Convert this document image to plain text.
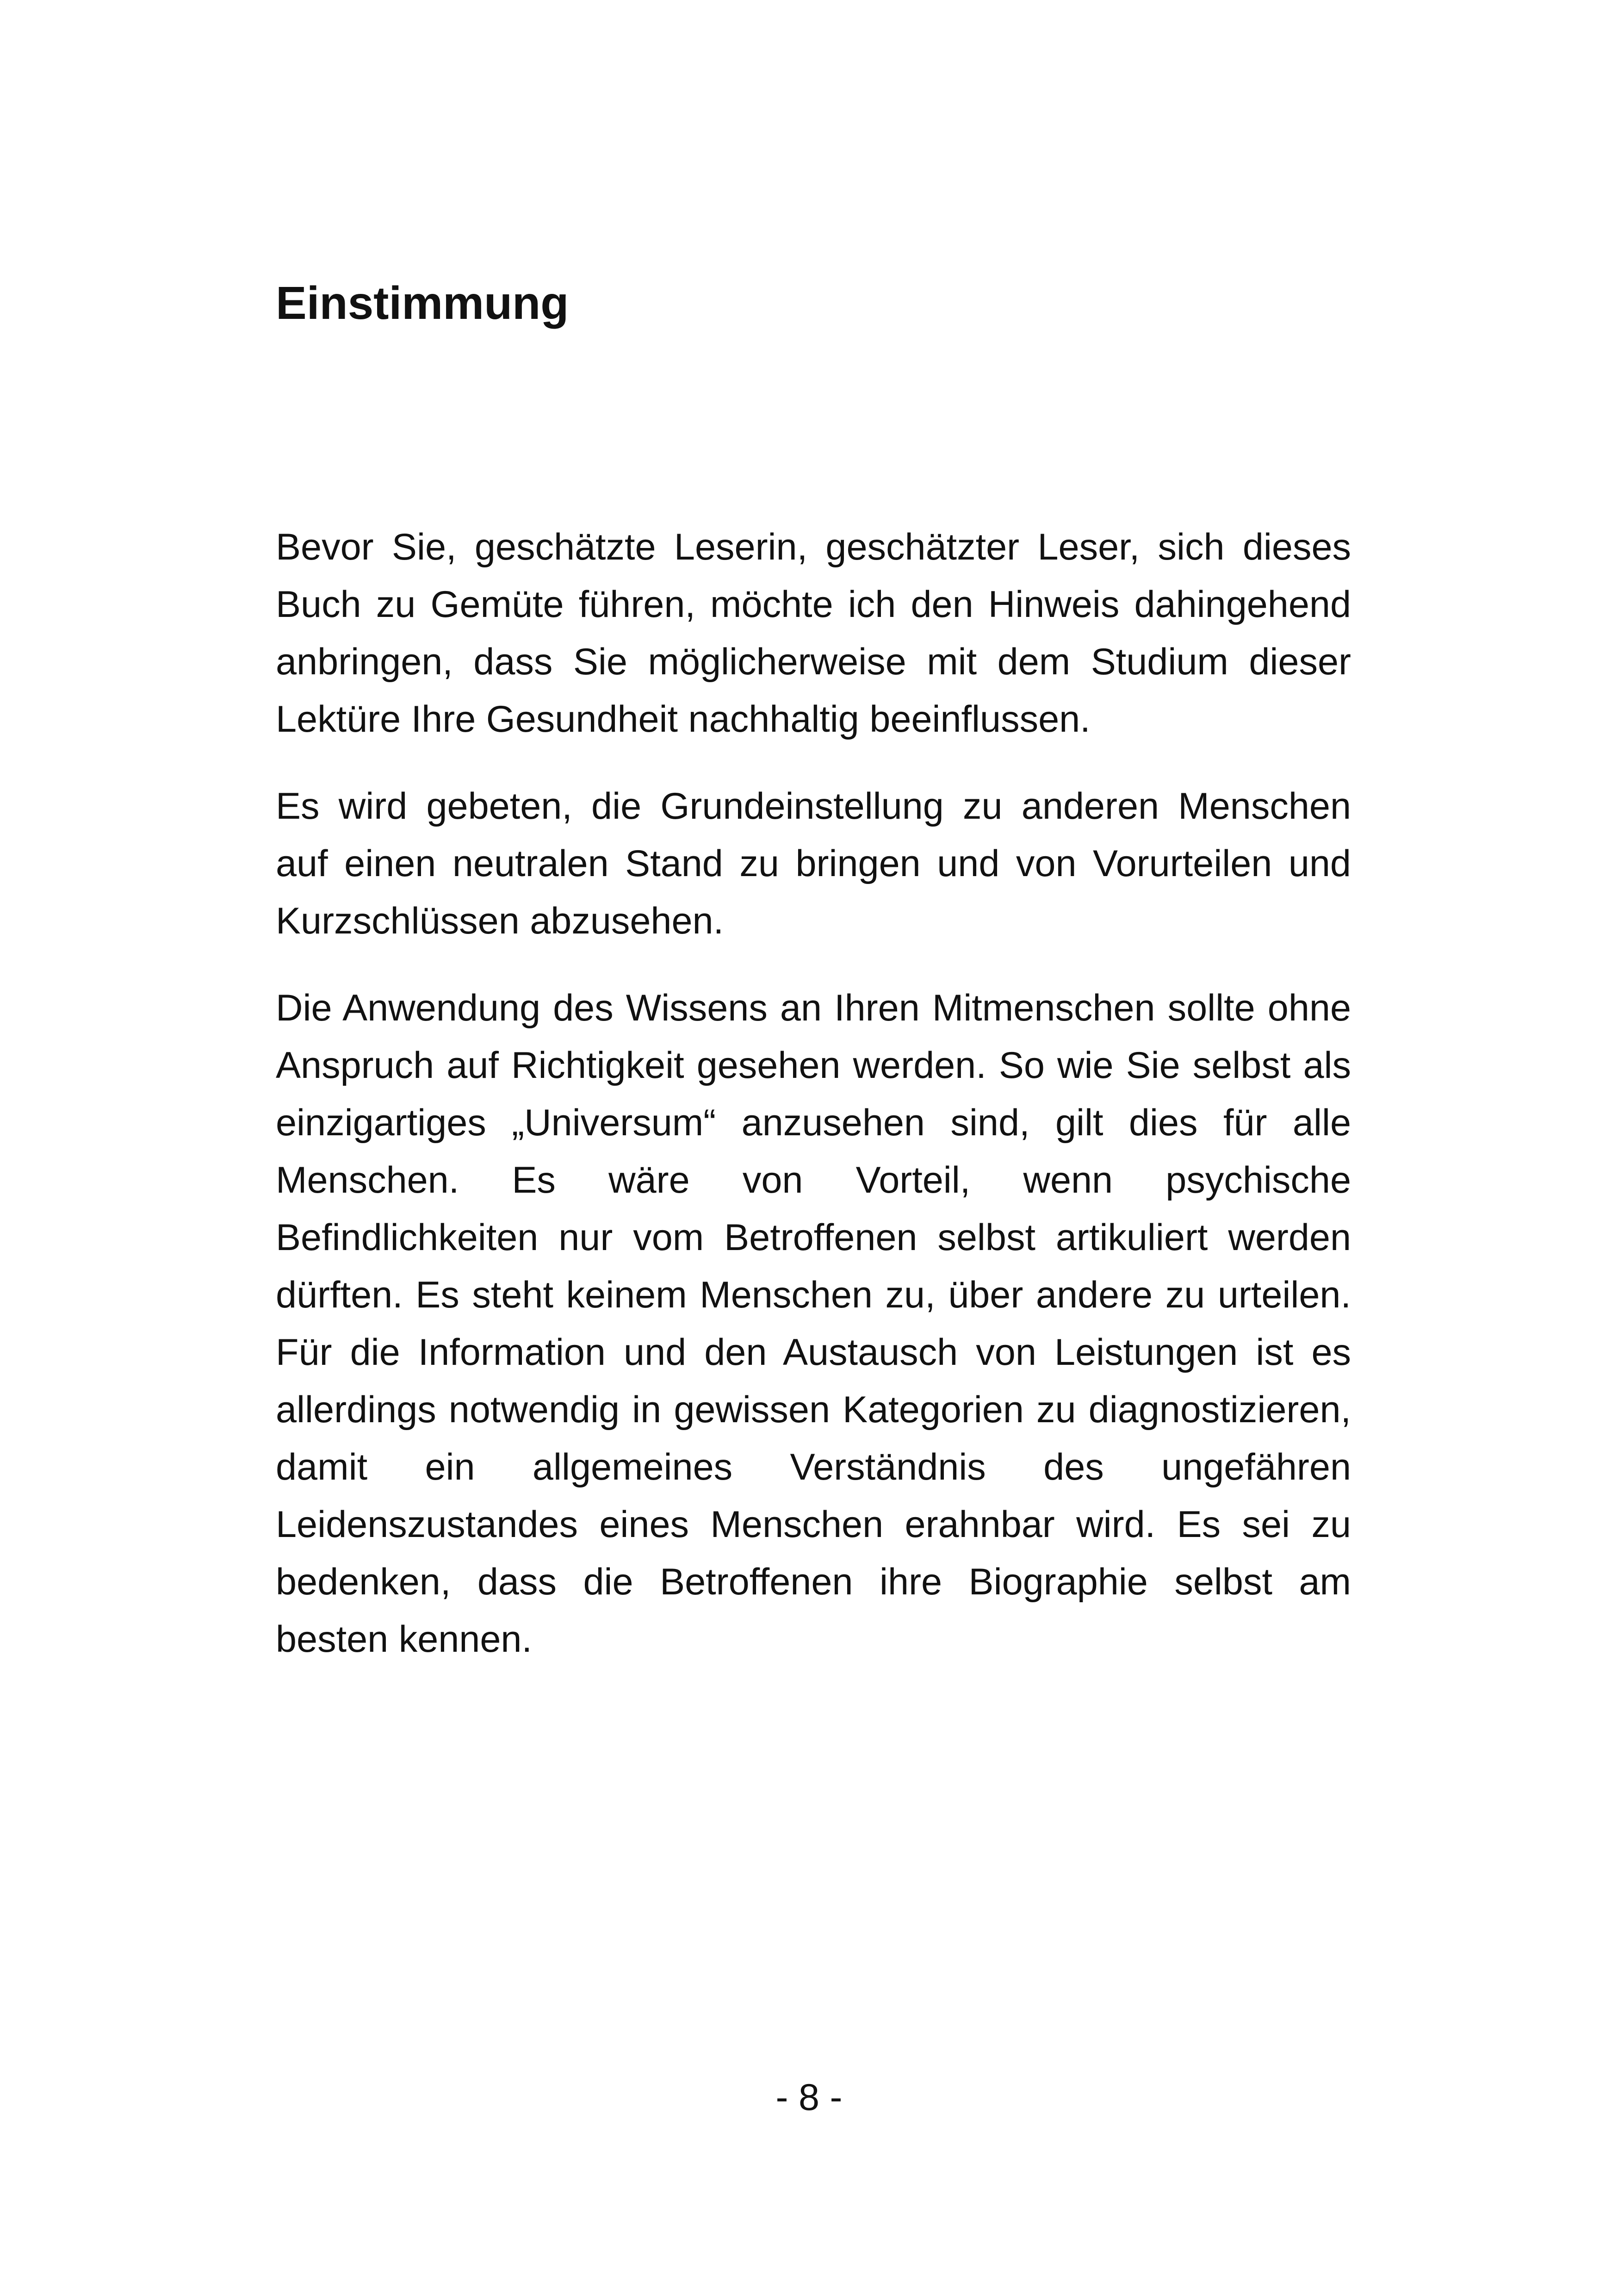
Einstimmung

Bevor Sie, geschätzte Leserin, geschätzter Leser, sich dieses Buch zu Gemüte führen, möchte ich den Hinweis dahingehend anbringen, dass Sie möglicherweise mit dem Studium dieser Lektüre Ihre Gesundheit nachhaltig beeinflussen.

Es wird gebeten, die Grundeinstellung zu anderen Menschen auf einen neutralen Stand zu bringen und von Vorurteilen und Kurzschlüssen abzusehen.

Die Anwendung des Wissens an Ihren Mitmenschen sollte ohne Anspruch auf Richtigkeit gesehen werden. So wie Sie selbst als einzigartiges „Universum“ anzusehen sind, gilt dies für alle Menschen. Es wäre von Vorteil, wenn psychische Befindlichkeiten nur vom Betroffenen selbst artikuliert werden dürften. Es steht keinem Menschen zu, über andere zu urteilen. Für die Information und den Austausch von Leistungen ist es allerdings notwendig in gewissen Kategorien zu diagnostizieren, damit ein allgemeines Verständnis des ungefähren Leidenszustandes eines Menschen erahnbar wird. Es sei zu bedenken, dass die Betroffenen ihre Biographie selbst am besten kennen.

- 8 -
